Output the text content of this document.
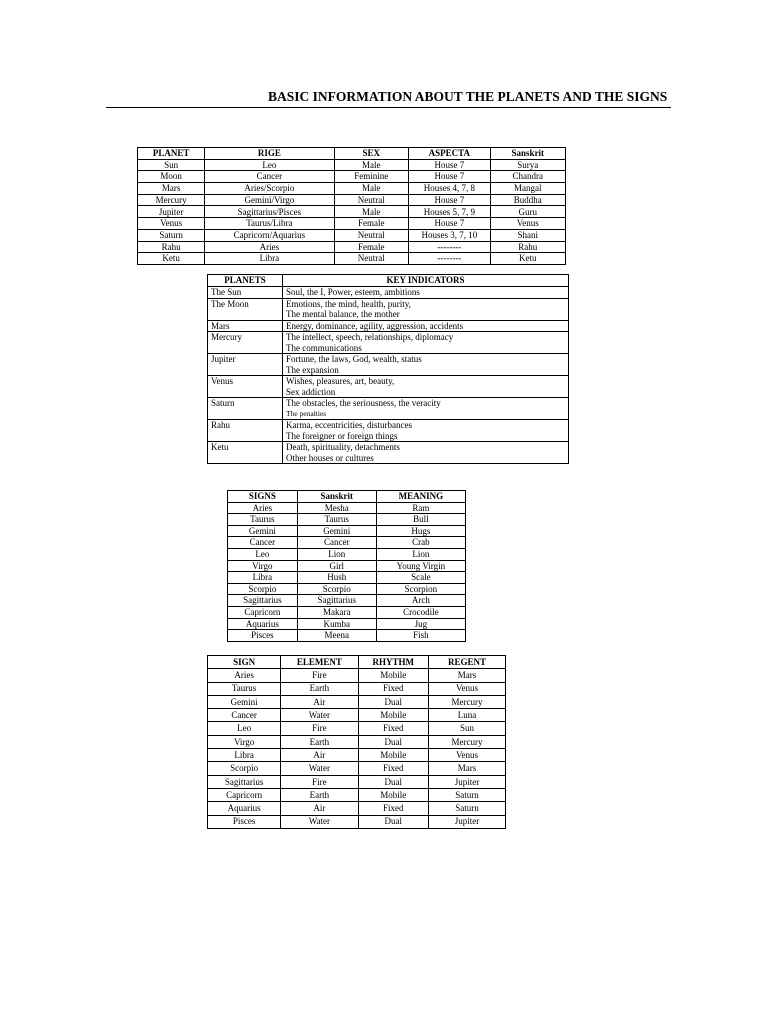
BASIC INFORMATION ABOUT THE PLANETS AND THE SIGNS
PLANET	RIGE	SEX	ASPECTA	Sanskrit
Sun	Leo	Male	House 7	Surya
Moon	Cancer	Feminine	House 7	Chandra
Mars	Aries/Scorpio	Male	Houses 4, 7, 8	Mangal
Mercury	Gemini/Virgo	Neutral	House 7	Buddha
Jupiter	Sagittarius/Pisces	Male	Houses 5, 7, 9	Guru
Venus	Taurus/Libra	Female	House 7	Venus
Saturn	Capricorn/Aquarius	Neutral	Houses 3, 7, 10	Shani
Rahu	Aries	Female	--------	Rahu
Ketu	Libra	Neutral	--------	Ketu
PLANETS	KEY INDICATORS
The Sun	Soul, the I, Power, esteem, ambitions

The Moon	Emotions, the mind, health, purity,
The mental balance, the mother

Mars	Energy, dominance, agility, aggression, accidents

Mercury	The intellect, speech, relationships, diplomacy
The communications

Jupiter	Fortune, the laws, God, wealth, status
The expansion

Venus	Wishes, pleasures, art, beauty,
Sex addiction

Saturn	The obstacles, the seriousness, the veracity
The penalties

Rahu	Karma, eccentricities, disturbances
The foreigner or foreign things

Ketu	Death, spirituality, detachments
Other houses or cultures
SIGNS	Sanskrit	MEANING
Aries	Mesha	Ram
Taurus	Taurus	Bull
Gemini	Gemini	Hugs
Cancer	Cancer	Crab
Leo	Lion	Lion
Virgo	Girl	Young Virgin
Libra	Hush	Scale
Scorpio	Scorpio	Scorpion
Sagittarius	Sagittarius	Arch
Capricorn	Makara	Crocodile
Aquarius	Kumba	Jug
Pisces	Meena	Fish
SIGN	ELEMENT	RHYTHM	REGENT
Aries	Fire	Mobile	Mars
Taurus	Earth	Fixed	Venus
Gemini	Air	Dual	Mercury
Cancer	Water	Mobile	Luna
Leo	Fire	Fixed	Sun
Virgo	Earth	Dual	Mercury
Libra	Air	Mobile	Venus
Scorpio	Water	Fixed	Mars
Sagittarius	Fire	Dual	Jupiter
Capricorn	Earth	Mobile	Saturn
Aquarius	Air	Fixed	Saturn
Pisces	Water	Dual	Jupiter
